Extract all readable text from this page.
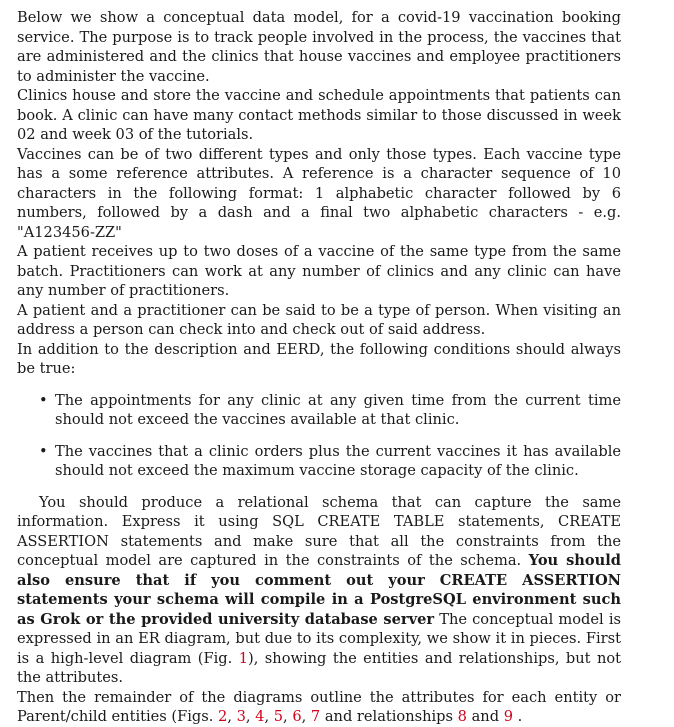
Below we show a conceptual data model, for a covid-19 vaccination booking service. The purpose is to track people involved in the process, the vaccines that are administered and the clinics that house vaccines and employee practitioners to administer the vaccine.

Clinics house and store the vaccine and schedule appointments that patients can book. A clinic can have many contact methods similar to those discussed in week 02 and week 03 of the tutorials.

Vaccines can be of two different types and only those types. Each vaccine type has a some reference attributes. A reference is a character sequence of 10 characters in the following format: 1 alphabetic character followed by 6 numbers, followed by a dash and a final two alphabetic characters - e.g. "A123456-ZZ"

A patient receives up to two doses of a vaccine of the same type from the same batch. Practitioners can work at any number of clinics and any clinic can have any number of practitioners.

A patient and a practitioner can be said to be a type of person. When visiting an address a person can check into and check out of said address.

In addition to the description and EERD, the following conditions should always be true:

• The appointments for any clinic at any given time from the current time should not exceed the vaccines available at that clinic.
• The vaccines that a clinic orders plus the current vaccines it has available should not exceed the maximum vaccine storage capacity of the clinic.

You should produce a relational schema that can capture the same information. Express it using SQL CREATE TABLE statements, CREATE ASSERTION statements and make sure that all the constraints from the conceptual model are captured in the constraints of the schema. You should also ensure that if you comment out your CREATE ASSERTION statements your schema will compile in a PostgreSQL environment such as Grok or the provided university database server The conceptual model is expressed in an ER diagram, but due to its complexity, we show it in pieces. First is a high-level diagram (Fig. 1), showing the entities and relationships, but not the attributes.

Then the remainder of the diagrams outline the attributes for each entity or Parent/child entities (Figs. 2, 3, 4, 5, 6, 7 and relationships 8 and 9 .
